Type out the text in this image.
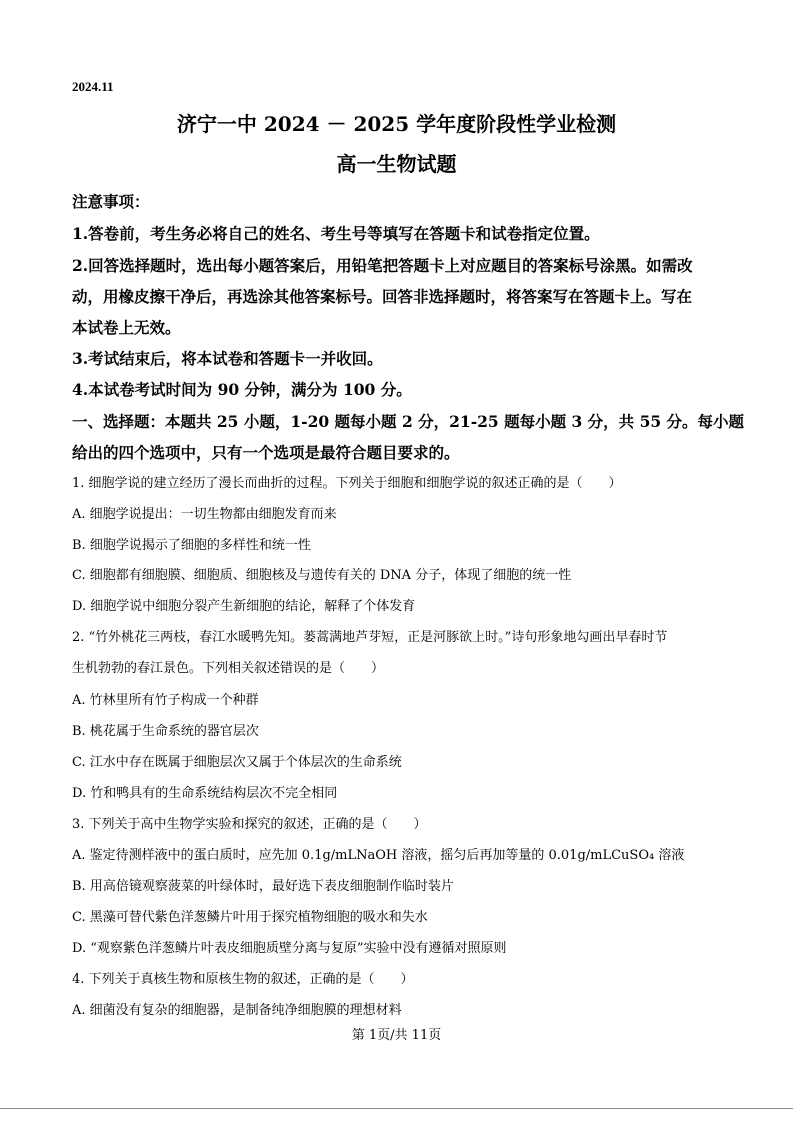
2024.11
济宁一中 2024 － 2025 学年度阶段性学业检测
高一生物试题
注意事项：
1.答卷前，考生务必将自己的姓名、考生号等填写在答题卡和试卷指定位置。
2.回答选择题时，选出每小题答案后，用铅笔把答题卡上对应题目的答案标号涂黑。如需改
动，用橡皮擦干净后，再选涂其他答案标号。回答非选择题时，将答案写在答题卡上。写在
本试卷上无效。
3.考试结束后，将本试卷和答题卡一并收回。
4.本试卷考试时间为 90 分钟，满分为 100 分。
一、选择题：本题共 25 小题，1-20 题每小题 2 分，21-25 题每小题 3 分，共 55 分。每小题
给出的四个选项中，只有一个选项是最符合题目要求的。
1. 细胞学说的建立经历了漫长而曲折的过程。下列关于细胞和细胞学说的叙述正确的是（　　）
A. 细胞学说提出：一切生物都由细胞发育而来
B. 细胞学说揭示了细胞的多样性和统一性
C. 细胞都有细胞膜、细胞质、细胞核及与遗传有关的 DNA 分子，体现了细胞的统一性
D. 细胞学说中细胞分裂产生新细胞的结论，解释了个体发育
2. “竹外桃花三两枝，春江水暖鸭先知。蒌蒿满地芦芽短，正是河豚欲上时。”诗句形象地勾画出早春时节
生机勃勃的春江景色。下列相关叙述错误的是（　　）
A. 竹林里所有竹子构成一个种群
B. 桃花属于生命系统的器官层次
C. 江水中存在既属于细胞层次又属于个体层次的生命系统
D. 竹和鸭具有的生命系统结构层次不完全相同
3. 下列关于高中生物学实验和探究的叙述，正确的是（　　）
A. 鉴定待测样液中的蛋白质时，应先加 0.1g/mLNaOH 溶液，摇匀后再加等量的 0.01g/mLCuSO₄ 溶液
B. 用高倍镜观察菠菜的叶绿体时，最好选下表皮细胞制作临时装片
C. 黑藻可替代紫色洋葱鳞片叶用于探究植物细胞的吸水和失水
D. “观察紫色洋葱鳞片叶表皮细胞质壁分离与复原”实验中没有遵循对照原则
4. 下列关于真核生物和原核生物的叙述，正确的是（　　）
A. 细菌没有复杂的细胞器，是制备纯净细胞膜的理想材料
第 1页/共 11页
